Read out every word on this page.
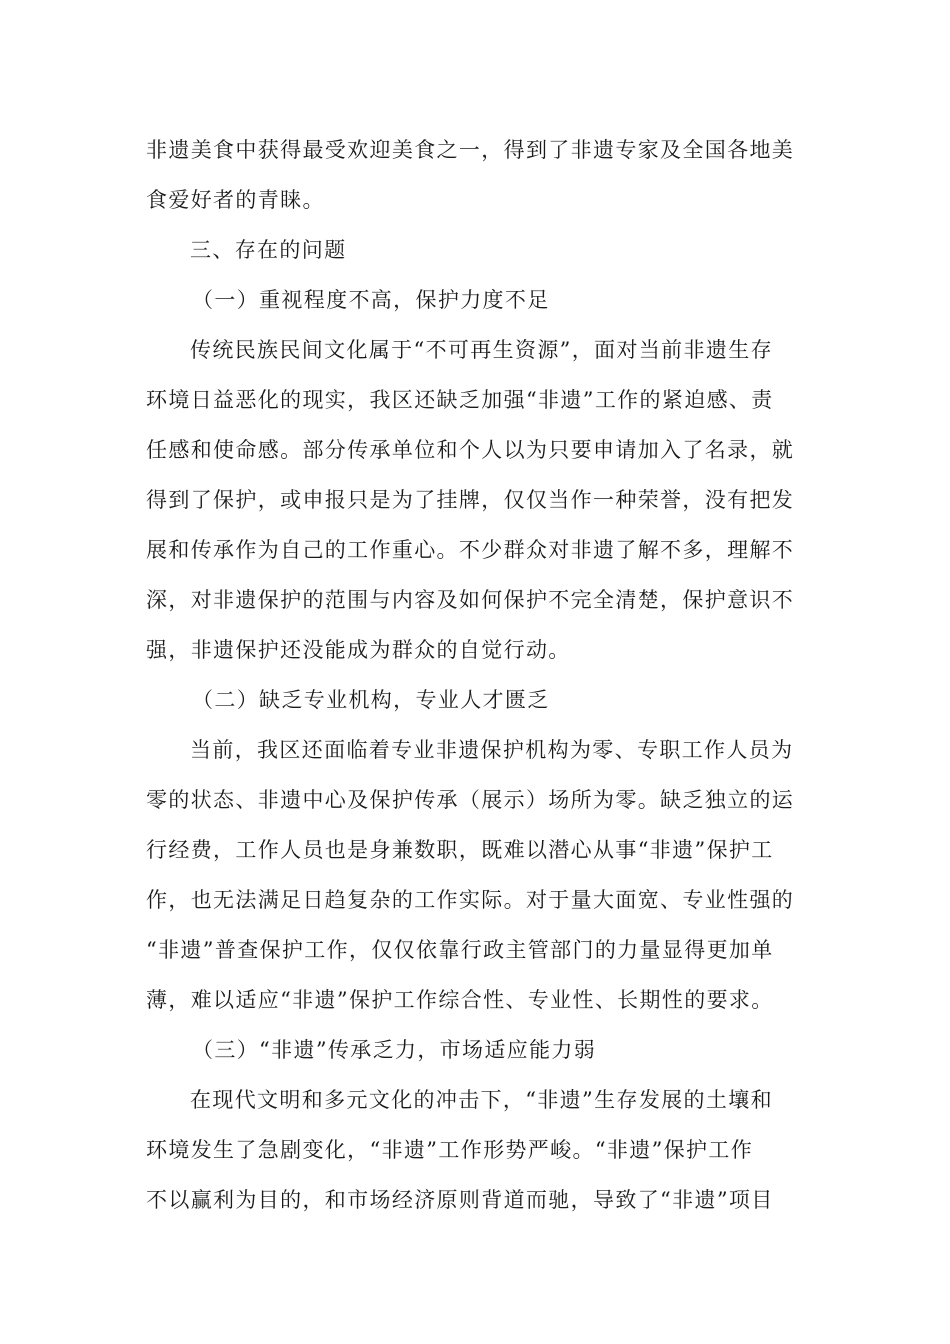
非遗美食中获得最受欢迎美食之一，得到了非遗专家及全国各地美
食爱好者的青睐。
三、存在的问题
（一）重视程度不高，保护力度不足
传统民族民间文化属于“不可再生资源”，面对当前非遗生存
环境日益恶化的现实，我区还缺乏加强“非遗”工作的紧迫感、责
任感和使命感。部分传承单位和个人以为只要申请加入了名录，就
得到了保护，或申报只是为了挂牌，仅仅当作一种荣誉，没有把发
展和传承作为自己的工作重心。不少群众对非遗了解不多，理解不
深，对非遗保护的范围与内容及如何保护不完全清楚，保护意识不
强，非遗保护还没能成为群众的自觉行动。
（二）缺乏专业机构，专业人才匮乏
当前，我区还面临着专业非遗保护机构为零、专职工作人员为
零的状态、非遗中心及保护传承（展示）场所为零。缺乏独立的运
行经费，工作人员也是身兼数职，既难以潜心从事“非遗”保护工
作，也无法满足日趋复杂的工作实际。对于量大面宽、专业性强的
“非遗”普查保护工作，仅仅依靠行政主管部门的力量显得更加单
薄，难以适应“非遗”保护工作综合性、专业性、长期性的要求。
（三）“非遗”传承乏力，市场适应能力弱
在现代文明和多元文化的冲击下，“非遗”生存发展的土壤和
环境发生了急剧变化，“非遗”工作形势严峻。“非遗”保护工作
不以赢利为目的，和市场经济原则背道而驰，导致了“非遗”项目
